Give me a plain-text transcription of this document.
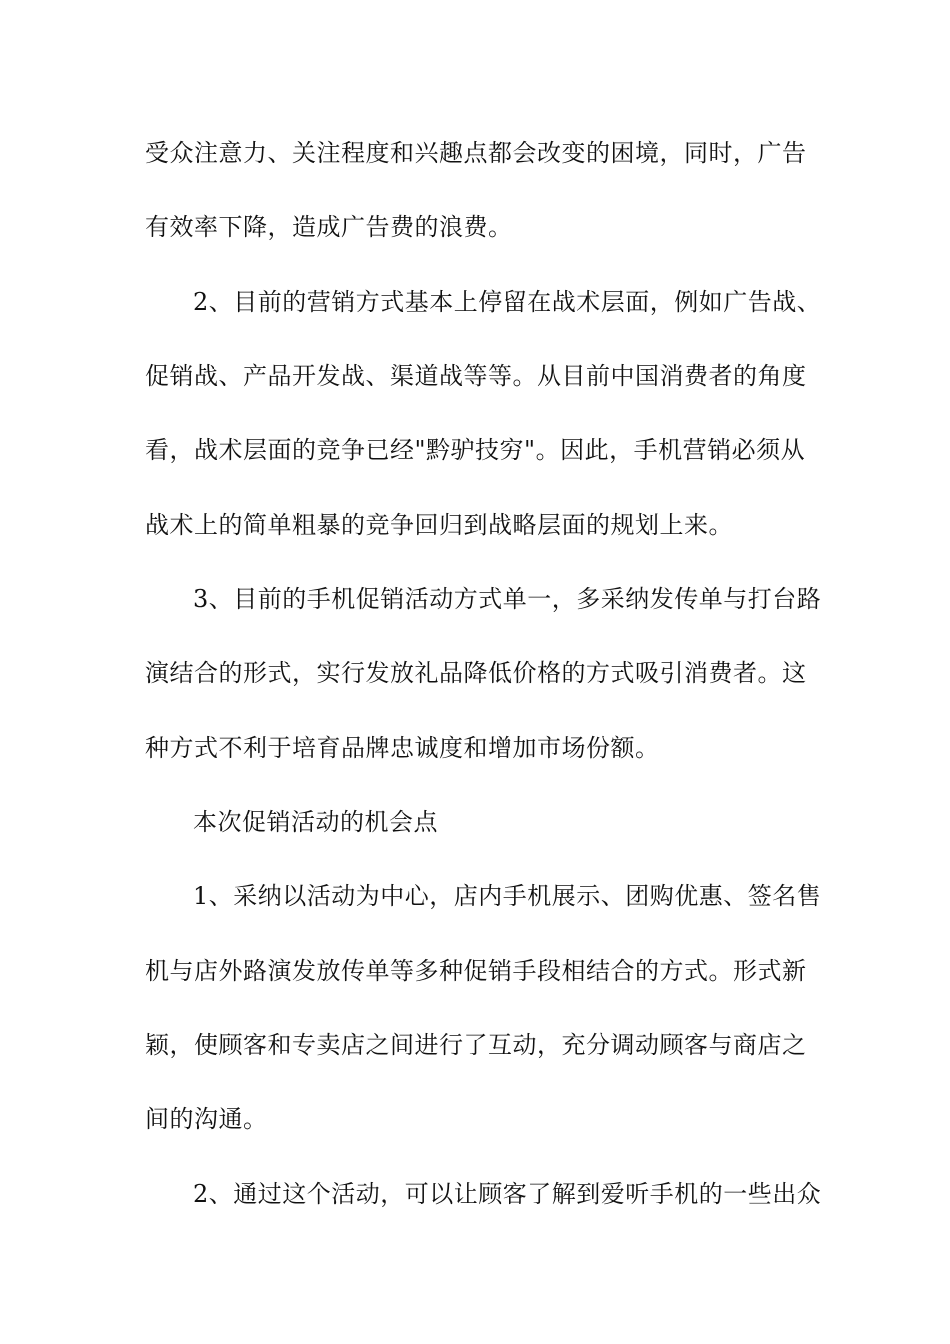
受众注意力、关注程度和兴趣点都会改变的困境，同时，广告
有效率下降，造成广告费的浪费。
2、目前的营销方式基本上停留在战术层面，例如广告战、
促销战、产品开发战、渠道战等等。从目前中国消费者的角度
看，战术层面的竞争已经"黔驴技穷"。因此，手机营销必须从
战术上的简单粗暴的竞争回归到战略层面的规划上来。
3、目前的手机促销活动方式单一，多采纳发传单与打台路
演结合的形式，实行发放礼品降低价格的方式吸引消费者。这
种方式不利于培育品牌忠诚度和增加市场份额。
本次促销活动的机会点
1、采纳以活动为中心，店内手机展示、团购优惠、签名售
机与店外路演发放传单等多种促销手段相结合的方式。形式新
颖，使顾客和专卖店之间进行了互动，充分调动顾客与商店之
间的沟通。
2、通过这个活动，可以让顾客了解到爱听手机的一些出众
